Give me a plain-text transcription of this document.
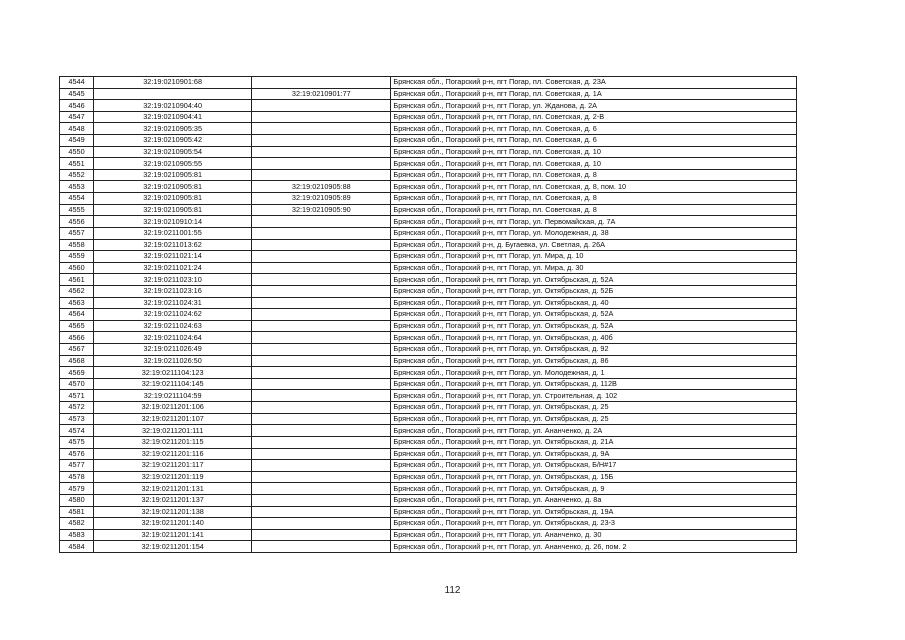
4544	32:19:0210901:68		Брянская обл., Погарский р-н, пгт Погар, пл. Советская, д. 23А
4545		32:19:0210901:77	Брянская обл., Погарский р-н, пгт Погар, пл. Советская, д. 1А
4546	32:19:0210904:40		Брянская обл., Погарский р-н, пгт Погар, ул. Жданова, д. 2А
4547	32:19:0210904:41		Брянская обл., Погарский р-н, пгт Погар, пл. Советская, д. 2-В
4548	32:19:0210905:35		Брянская обл., Погарский р-н, пгт Погар, пл. Советская, д. 6
4549	32:19:0210905:42		Брянская обл., Погарский р-н, пгт Погар, пл. Советская, д. 6
4550	32:19:0210905:54		Брянская обл., Погарский р-н, пгт Погар, пл. Советская, д. 10
4551	32:19:0210905:55		Брянская обл., Погарский р-н, пгт Погар, пл. Советская, д. 10
4552	32:19:0210905:81		Брянская обл., Погарский р-н, пгт Погар, пл. Советская, д. 8
4553	32:19:0210905:81	32:19:0210905:88	Брянская обл., Погарский р-н, пгт Погар, пл. Советская, д. 8, пом. 10
4554	32:19:0210905:81	32:19:0210905:89	Брянская обл., Погарский р-н, пгт Погар, пл. Советская, д. 8
4555	32:19:0210905:81	32:19:0210905:90	Брянская обл., Погарский р-н, пгт Погар, пл. Советская, д. 8
4556	32:19:0210910:14		Брянская обл., Погарский р-н, пгт Погар, ул. Первомайская, д. 7А
4557	32:19:0211001:55		Брянская обл., Погарский р-н, пгт Погар, ул. Молодежная, д. 38
4558	32:19:0211013:62		Брянская обл., Погарский р-н, д. Бугаевка, ул. Светлая, д. 26А
4559	32:19:0211021:14		Брянская обл., Погарский р-н, пгт Погар, ул. Мира, д. 10
4560	32:19:0211021:24		Брянская обл., Погарский р-н, пгт Погар, ул. Мира, д. 30
4561	32:19:0211023:10		Брянская обл., Погарский р-н, пгт Погар, ул. Октябрьская, д. 52А
4562	32:19:0211023:16		Брянская обл., Погарский р-н, пгт Погар, ул. Октябрьская, д. 52Б
4563	32:19:0211024:31		Брянская обл., Погарский р-н, пгт Погар, ул. Октябрьская, д. 40
4564	32:19:0211024:62		Брянская обл., Погарский р-н, пгт Погар, ул. Октябрьская, д. 52А
4565	32:19:0211024:63		Брянская обл., Погарский р-н, пгт Погар, ул. Октябрьская, д. 52А
4566	32:19:0211024:64		Брянская обл., Погарский р-н, пгт Погар, ул. Октябрьская, д. 40б
4567	32:19:0211026:49		Брянская обл., Погарский р-н, пгт Погар, ул. Октябрьская, д. 92
4568	32:19:0211026:50		Брянская обл., Погарский р-н, пгт Погар, ул. Октябрьская, д. 86
4569	32:19:0211104:123		Брянская обл., Погарский р-н, пгт Погар, ул. Молодежная, д. 1
4570	32:19:0211104:145		Брянская обл., Погарский р-н, пгт Погар, ул. Октябрьская, д. 112В
4571	32:19:0211104:59		Брянская обл., Погарский р-н, пгт Погар, ул. Строительная, д. 102
4572	32:19:0211201:106		Брянская обл., Погарский р-н, пгт Погар, ул. Октябрьская, д. 25
4573	32:19:0211201:107		Брянская обл., Погарский р-н, пгт Погар, ул. Октябрьская, д. 25
4574	32:19:0211201:111		Брянская обл., Погарский р-н, пгт Погар, ул. Ананченко, д. 2А
4575	32:19:0211201:115		Брянская обл., Погарский р-н, пгт Погар, ул. Октябрьская, д. 21А
4576	32:19:0211201:116		Брянская обл., Погарский р-н, пгт Погар, ул. Октябрьская, д. 9А
4577	32:19:0211201:117		Брянская обл., Погарский р-н, пгт Погар, ул. Октябрьская, Б/Н#17
4578	32:19:0211201:119		Брянская обл., Погарский р-н, пгт Погар, ул. Октябрьская, д. 15Б
4579	32:19:0211201:131		Брянская обл., Погарский р-н, пгт Погар, ул. Октябрьская, д. 9
4580	32:19:0211201:137		Брянская обл., Погарский р-н, пгт Погар, ул. Ананченко, д. 8а
4581	32:19:0211201:138		Брянская обл., Погарский р-н, пгт Погар, ул. Октябрьская, д. 19А
4582	32:19:0211201:140		Брянская обл., Погарский р-н, пгт Погар, ул. Октябрьская, д. 23-3
4583	32:19:0211201:141		Брянская обл., Погарский р-н, пгт Погар, ул. Ананченко, д. 30
4584	32:19:0211201:154		Брянская обл., Погарский р-н, пгт Погар, ул. Ананченко, д. 26, пом. 2
112
